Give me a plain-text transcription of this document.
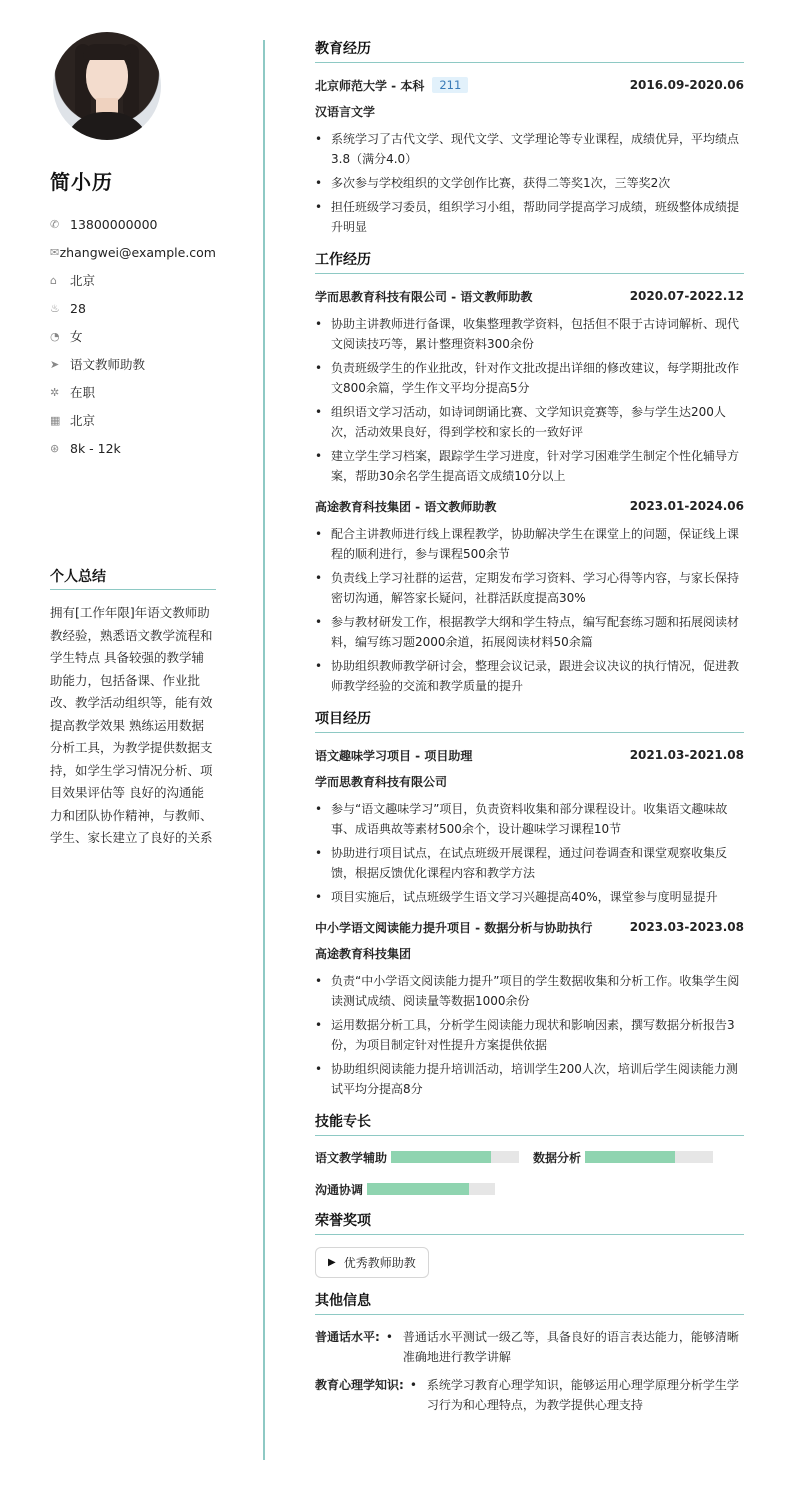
简小历
✆ 13800000000
✉ zhangwei@example.com
⌂	北京
♨ 28
◔ 女
➤ 语文教师助教
✲ 在职
▦ 北京
⊛ 8k - 12k
个人总结
拥有[工作年限]年语文教师助教经验，熟悉语文教学流程和学生特点 具备较强的教学辅助能力，包括备课、作业批改、教学活动组织等，能有效提高教学效果 熟练运用数据分析工具，为教学提供数据支持，如学生学习情况分析、项目效果评估等 良好的沟通能力和团队协作精神，与教师、学生、家长建立了良好的关系
教育经历
北京师范大学 - 本科	211	2016.09-2020.06
汉语言文学
• 系统学习了古代文学、现代文学、文学理论等专业课程，成绩优异，平均绩点3.8（满分4.0）
• 多次参与学校组织的文学创作比赛，获得二等奖1次，三等奖2次
• 担任班级学习委员，组织学习小组，帮助同学提高学习成绩，班级整体成绩提升明显
工作经历
学而思教育科技有限公司 - 语文教师助教	2020.07-2022.12
• 协助主讲教师进行备课，收集整理教学资料，包括但不限于古诗词解析、现代文阅读技巧等，累计整理资料300余份
• 负责班级学生的作业批改，针对作文批改提出详细的修改建议，每学期批改作文800余篇，学生作文平均分提高5分
• 组织语文学习活动，如诗词朗诵比赛、文学知识竞赛等，参与学生达200人次，活动效果良好，得到学校和家长的一致好评
• 建立学生学习档案，跟踪学生学习进度，针对学习困难学生制定个性化辅导方案，帮助30余名学生提高语文成绩10分以上
高途教育科技集团 - 语文教师助教	2023.01-2024.06
• 配合主讲教师进行线上课程教学，协助解决学生在课堂上的问题，保证线上课程的顺利进行，参与课程500余节
• 负责线上学习社群的运营，定期发布学习资料、学习心得等内容，与家长保持密切沟通，解答家长疑问，社群活跃度提高30%
• 参与教材研发工作，根据教学大纲和学生特点，编写配套练习题和拓展阅读材料，编写练习题2000余道，拓展阅读材料50余篇
• 协助组织教师教学研讨会，整理会议记录，跟进会议决议的执行情况，促进教师教学经验的交流和教学质量的提升
项目经历
语文趣味学习项目 - 项目助理	2021.03-2021.08
学而思教育科技有限公司
• 参与“语文趣味学习”项目，负责资料收集和部分课程设计。收集语文趣味故事、成语典故等素材500余个，设计趣味学习课程10节
• 协助进行项目试点，在试点班级开展课程，通过问卷调查和课堂观察收集反馈，根据反馈优化课程内容和教学方法
• 项目实施后，试点班级学生语文学习兴趣提高40%，课堂参与度明显提升
中小学语文阅读能力提升项目 - 数据分析与协助执行	2023.03-2023.08
高途教育科技集团
• 负责“中小学语文阅读能力提升”项目的学生数据收集和分析工作。收集学生阅读测试成绩、阅读量等数据1000余份
• 运用数据分析工具，分析学生阅读能力现状和影响因素，撰写数据分析报告3份，为项目制定针对性提升方案提供依据
• 协助组织阅读能力提升培训活动，培训学生200人次，培训后学生阅读能力测试平均分提高8分
技能专长
语文教学辅助	数据分析
沟通协调
荣誉奖项
▶ 优秀教师助教
其他信息
普通话水平: • 普通话水平测试一级乙等，具备良好的语言表达能力，能够清晰准确地进行教学讲解
教育心理学知识: • 系统学习教育心理学知识，能够运用心理学原理分析学生学习行为和心理特点，为教学提供心理支持
